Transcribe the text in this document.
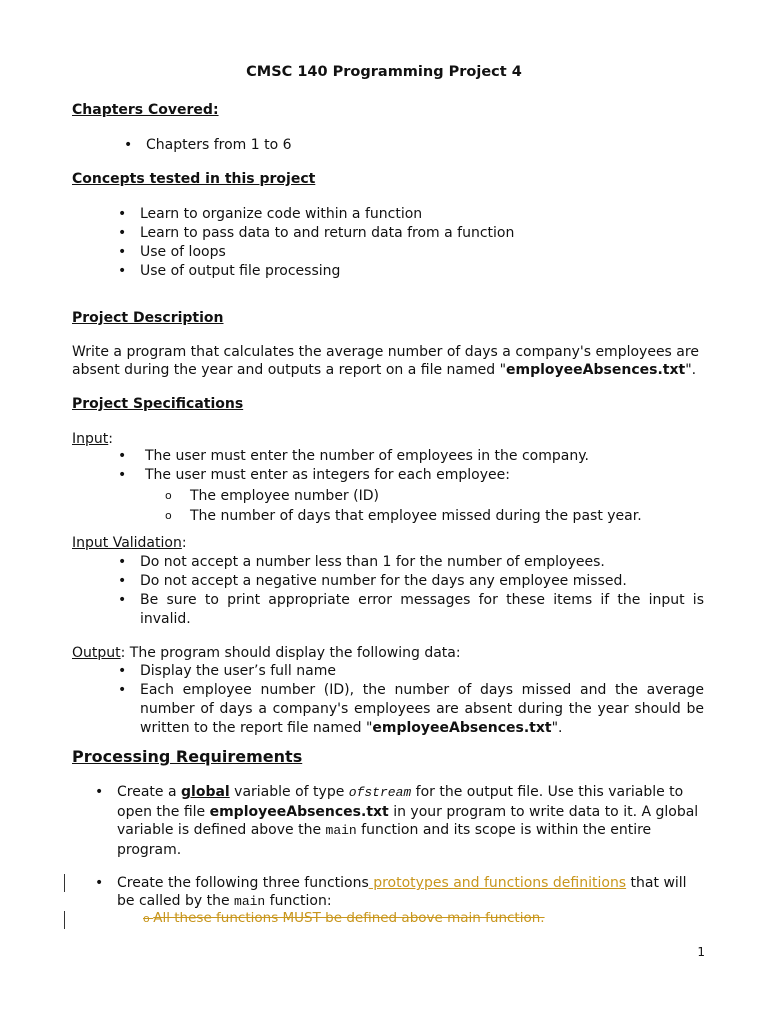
CMSC 140 Programming Project 4
Chapters Covered:
• Chapters from 1 to 6
Concepts tested in this project
• Learn to organize code within a function
• Learn to pass data to and return data from a function
• Use of loops
• Use of output file processing
Project Description

Write a program that calculates the average number of days a company's employees are absent during the year and outputs a report on a file named "employeeAbsences.txt".

Project Specifications

Input:

• The user must enter the number of employees in the company.
• The user must enter as integers for each employee:
o The employee number (ID)
o The number of days that employee missed during the past year.

Input Validation:

• Do not accept a number less than 1 for the number of employees.
• Do not accept a negative number for the days any employee missed.
• Be sure to print appropriate error messages for these items if the input is invalid.

Output: The program should display the following data:

• Display the user’s full name
• Each employee number (ID), the number of days missed and the average number of days a company's employees are absent during the year should be written to the report file named "employeeAbsences.txt".
Processing Requirements
• Create a global variable of type ofstream for the output file. Use this variable to open the file employeeAbsences.txt in your program to write data to it. A global variable is defined above the main function and its scope is within the entire program.
• Create the following three functions prototypes and functions definitions that will be called by the main function:

o All these functions MUST be defined above main function.

1
